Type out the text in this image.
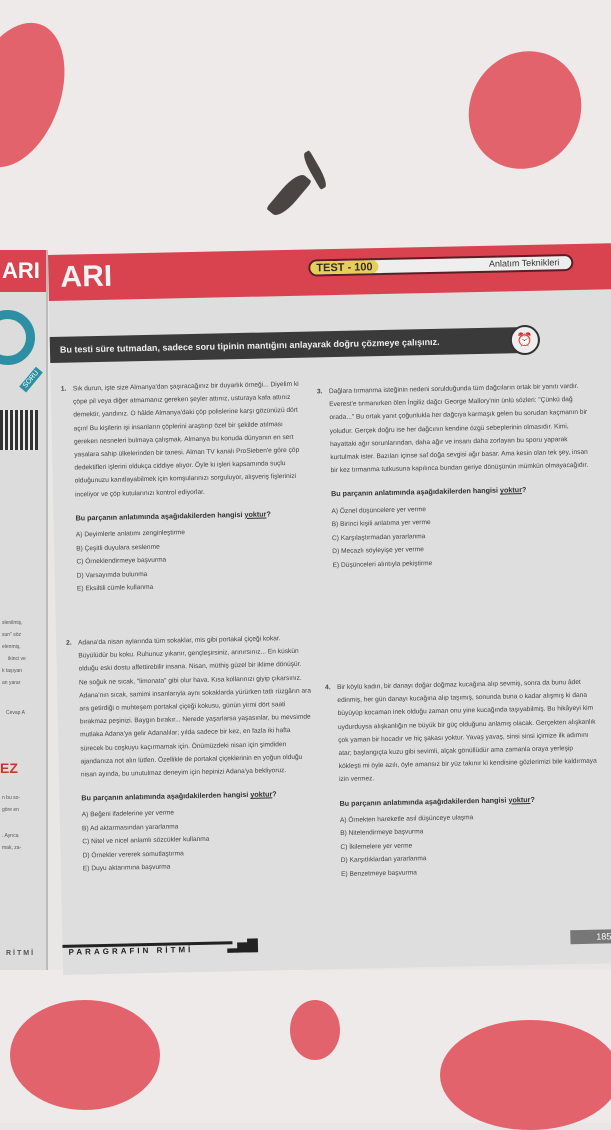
ARI
SORU
slenilmiş,
sun" söz
elenmiş,
ikinci ve
k taşıyan
an yarar
Cevap A
EZ
n bu so-
göre en
. Ayrıca
mak, za-
RİTMİ
ARI	TEST - 100	Anlatım Teknikleri
Bu testi süre tutmadan, sadece soru tipinin mantığını anlayarak doğru çözmeye çalışınız.	⏰
1. Sık durun, işte size Almanya'dan şaşıracağınız bir duyarlık örneği... Diyelim ki çöpe pil veya diğer atmamanız gereken şeyler attınız, usturaya kafa attınız demektir, yandınız. O hâlde Almanya'daki çöp polislerine karşı gözünüzü dört açın! Bu kişilerin işi insanların çöplerini araştırıp özel bir şekilde atılması gereken nesneleri bulmaya çalışmak. Almanya bu konuda dünyanın en sert yasalara sahip ülkelerinden bir tanesi. Alman TV kanalı ProSieben'e göre çöp dedektifleri işlerini oldukça ciddiye alıyor. Öyle ki işleri kapsamında suçlu olduğunuzu kanıtlayabilmek için komşularınızı sorguluyor, alışveriş fişlerinizi inceliyor ve çöp kutularınızı kontrol ediyorlar.
Bu parçanın anlatımında aşağıdakilerden hangisi yoktur?
A) Deyimlerle anlatımı zenginleştirme
B) Çeşitli duyulara seslenme
C) Örneklendirmeye başvurma
D) Varsayımda bulunma
E) Eksiltili cümle kullanma
2. Adana'da nisan aylarında tüm sokaklar, mis gibi portakal çiçeği kokar. Büyülüdür bu koku. Ruhunuz yıkanır, gençleşirsiniz, arınırsınız... En küskün olduğu eski dostu affettirebilir insana. Nisan, müthiş güzel bir iklime dönüşür. Ne soğuk ne sıcak, "limonata" gibi olur hava. Kısa kollarınızı giyip çıkarsınız. Adana'nın sıcak, samimi insanlarıyla aynı sokaklarda yürürken tatlı rüzgârın ara ara getirdiği o muhteşem portakal çiçeği kokusu, günün yirmi dört saati bırakmaz peşinizi. Baygın bırakır... Nerede yaşarlarsa yaşasınlar, bu mevsimde mutlaka Adana'ya gelir Adanalılar; yılda sadece bir kez, en fazla iki hafta sürecek bu coşkuyu kaçırmamak için. Önümüzdeki nisan için şimdiden ajandanıza not alın lütfen. Özellikle de portakal çiçeklerinin en yoğun olduğu nisan ayında, bu unutulmaz deneyim için hepinizi Adana'ya bekliyoruz.
Bu parçanın anlatımında aşağıdakilerden hangisi yoktur?
A) Beğeni ifadelerine yer verme
B) Ad aktarmasından yararlanma
C) Nitel ve nicel anlamlı sözcükler kullanma
D) Örnekler vererek somutlaştırma
E) Duyu aktarımına başvurma
3. Dağlara tırmanma isteğinin nedeni sorulduğunda tüm dağcıların ortak bir yanıtı vardır. Everest'e tırmanırken ölen İngiliz dağcı George Mallory'nin ünlü sözleri: "Çünkü dağ orada..." Bu ortak yanıt çoğunlukla her dağcıya karmaşık gelen bu sorudan kaçmanın bir yoludur. Gerçek doğru ise her dağcının kendine özgü sebeplerinin olmasıdır. Kimi, hayattaki ağır sorunlarından, daha ağır ve insanı daha zorlayan bu sporu yaparak kurtulmak ister. Bazıları içinse saf doğa sevgisi ağır basar. Ama kesin olan tek şey, insan bir kez tırmanma tutkusuna kapılınca bundan geriye dönüşünün mümkün olmayacağıdır.
Bu parçanın anlatımında aşağıdakilerden hangisi yoktur?
A) Öznel düşüncelere yer verme
B) Birinci kişili anlatıma yer verme
C) Karşılaştırmadan yararlanma
D) Mecazlı söyleyişe yer verme
E) Düşünceleri alıntıyla pekiştirme
4. Bir köylü kadın, bir danayı doğar doğmaz kucağına alıp sevmiş, sonra da bunu âdet edinmiş, her gün danayı kucağına alıp taşımış, sonunda buna o kadar alışmış ki dana büyüyüp kocaman inek olduğu zaman onu yine kucağında taşıyabilmiş. Bu hikâyeyi kim uydurduysa alışkanlığın ne büyük bir güç olduğunu anlamış olacak. Gerçekten alışkanlık çok yaman bir hocadır ve hiç şakası yoktur. Yavaş yavaş, sinsi sinsi içimize ilk adımını atar; başlangıçta kuzu gibi sevimli, alçak gönüllüdür ama zamanla oraya yerleşip kökleşti mi öyle azılı, öyle amansız bir yüz takınır ki kendisine gözlerimizi bile kaldırmaya izin vermez.
Bu parçanın anlatımında aşağıdakilerden hangisi yoktur?
A) Örnekten hareketle asıl düşünceye ulaşma
B) Nitelendirmeye başvurma
C) İkilemelere yer verme
D) Karşıtlıklardan yararlanma
E) Benzetmeye başvurma
PARAGRAFIN RİTMİ	▂▅▇
185
